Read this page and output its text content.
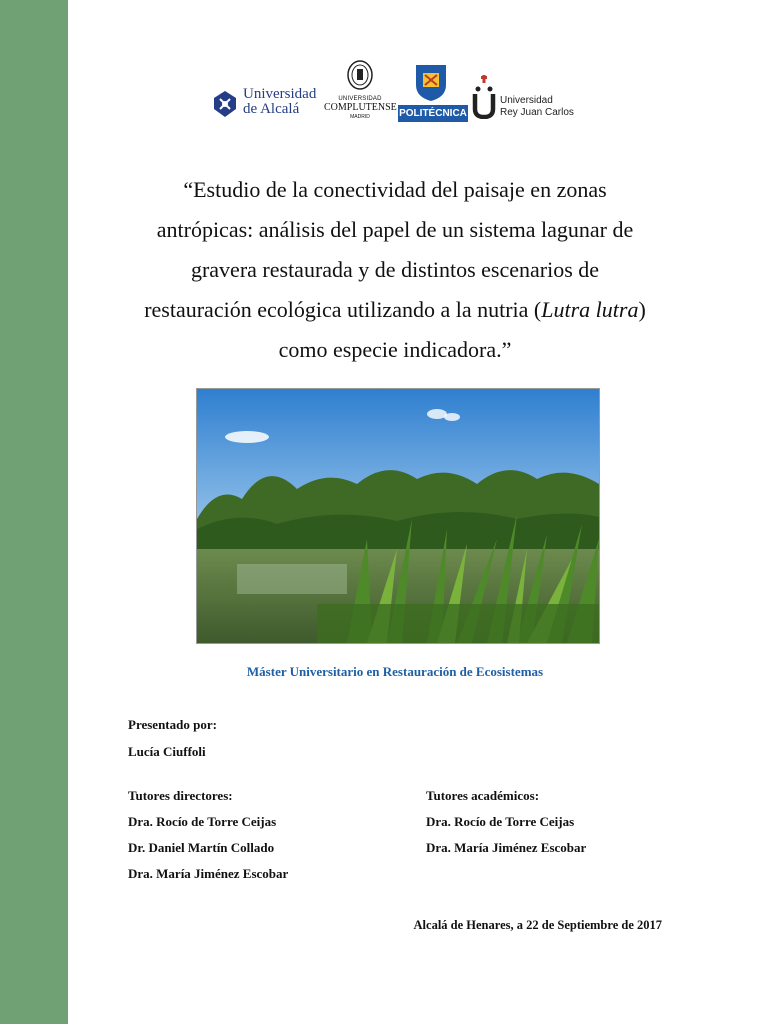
Universidad
de Alcalá
UNIVERSIDAD
COMPLUTENSE
MADRID	POLITÉCNICA
Universidad
Rey Juan Carlos
“Estudio de la conectividad del paisaje en zonas
antrópicas: análisis del papel de un sistema lagunar de
gravera restaurada y de distintos escenarios de
restauración ecológica utilizando a la nutria (Lutra lutra)
como especie indicadora.”
Máster Universitario en Restauración de Ecosistemas
Presentado por:
Lucía Ciuffoli
Tutores directores:
Dra. Rocío de Torre Ceijas
Dr. Daniel Martín Collado
Dra. María Jiménez Escobar
Tutores académicos:
Dra. Rocío de Torre Ceijas
Dra. María Jiménez Escobar
Alcalá de Henares, a 22 de Septiembre de 2017
